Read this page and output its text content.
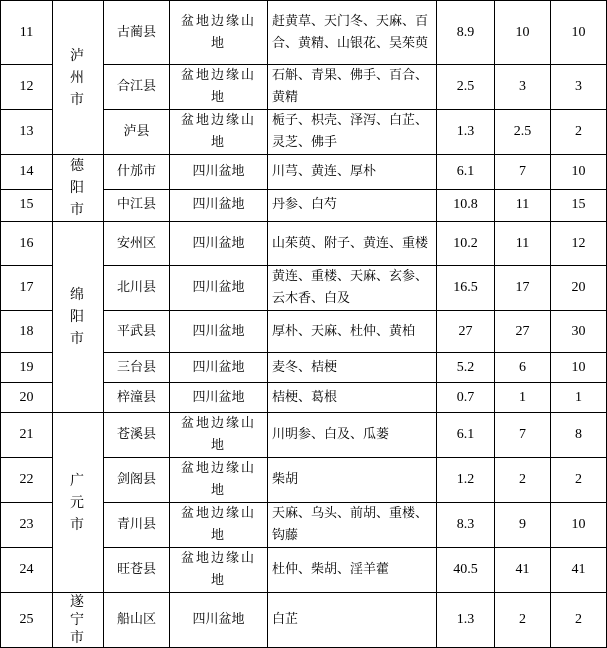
11	泸州市	古蔺县	盆地边缘山地	赶黄草、天门冬、天麻、百合、黄精、山银花、吴茱萸	8.9	10	10
12		合江县	盆地边缘山地	石斛、青果、佛手、百合、黄精	2.5	3	3
13		泸县	盆地边缘山地	栀子、枳壳、泽泻、白芷、灵芝、佛手	1.3	2.5	2
14	德阳市	什邡市	四川盆地	川芎、黄连、厚朴	6.1	7	10
15		中江县	四川盆地	丹参、白芍	10.8	11	15
16	绵阳市	安州区	四川盆地	山茱萸、附子、黄连、重楼	10.2	11	12
17		北川县	四川盆地	黄连、重楼、天麻、玄参、云木香、白及	16.5	17	20
18		平武县	四川盆地	厚朴、天麻、杜仲、黄柏	27	27	30
19		三台县	四川盆地	麦冬、桔梗	5.2	6	10
20		梓潼县	四川盆地	桔梗、葛根	0.7	1	1
21	广元市	苍溪县	盆地边缘山地	川明参、白及、瓜蒌	6.1	7	8
22		剑阁县	盆地边缘山地	柴胡	1.2	2	2
23		青川县	盆地边缘山地	天麻、乌头、前胡、重楼、钩藤	8.3	9	10
24		旺苍县	盆地边缘山地	杜仲、柴胡、淫羊藿	40.5	41	41
25	遂宁市	船山区	四川盆地	白芷	1.3	2	2
